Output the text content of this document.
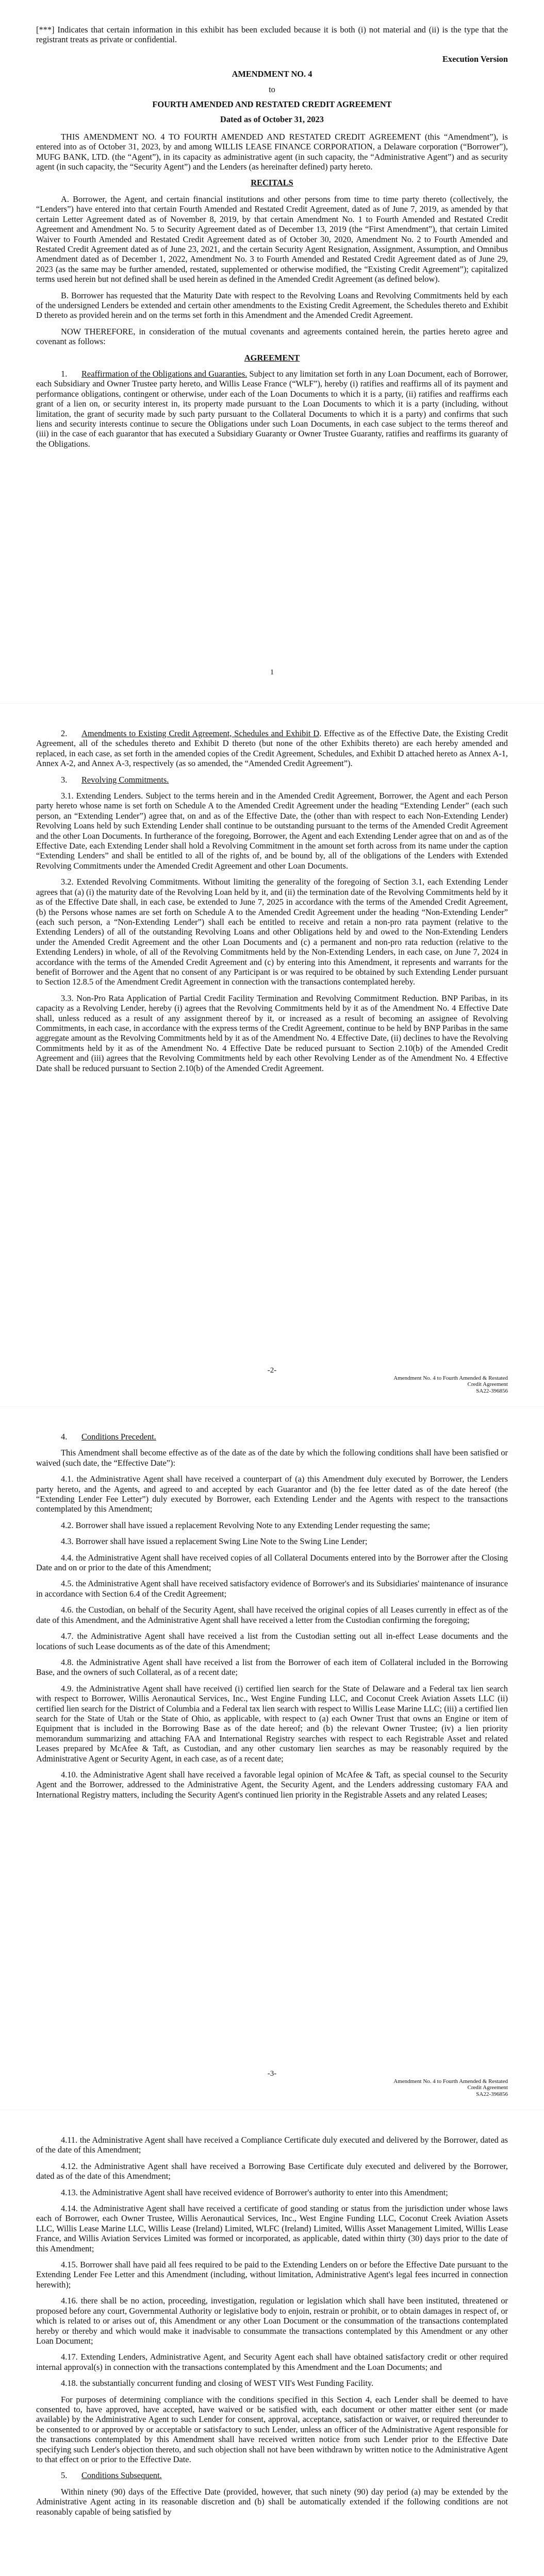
[***] Indicates that certain information in this exhibit has been excluded because it is both (i) not material and (ii) is the type that the registrant treats as private or confidential.

Execution Version

AMENDMENT NO. 4

to

FOURTH AMENDED AND RESTATED CREDIT AGREEMENT

Dated as of October 31, 2023

THIS AMENDMENT NO. 4 TO FOURTH AMENDED AND RESTATED CREDIT AGREEMENT (this “Amendment”), is entered into as of October 31, 2023, by and among WILLIS LEASE FINANCE CORPORATION, a Delaware corporation (“Borrower”), MUFG BANK, LTD. (the “Agent”), in its capacity as administrative agent (in such capacity, the “Administrative Agent”) and as security agent (in such capacity, the “Security Agent”) and the Lenders (as hereinafter defined) party hereto.

RECITALS

A. Borrower, the Agent, and certain financial institutions and other persons from time to time party thereto (collectively, the “Lenders”) have entered into that certain Fourth Amended and Restated Credit Agreement, dated as of June 7, 2019, as amended by that certain Letter Agreement dated as of November 8, 2019, by that certain Amendment No. 1 to Fourth Amended and Restated Credit Agreement and Amendment No. 5 to Security Agreement dated as of December 13, 2019 (the “First Amendment”), that certain Limited Waiver to Fourth Amended and Restated Credit Agreement dated as of October 30, 2020, Amendment No. 2 to Fourth Amended and Restated Credit Agreement dated as of June 23, 2021, and the certain Security Agent Resignation, Assignment, Assumption, and Omnibus Amendment dated as of December 1, 2022, Amendment No. 3 to Fourth Amended and Restated Credit Agreement dated as of June 29, 2023 (as the same may be further amended, restated, supplemented or otherwise modified, the “Existing Credit Agreement”); capitalized terms used herein but not defined shall be used herein as defined in the Amended Credit Agreement (as defined below).

B. Borrower has requested that the Maturity Date with respect to the Revolving Loans and Revolving Commitments held by each of the undersigned Lenders be extended and certain other amendments to the Existing Credit Agreement, the Schedules thereto and Exhibit D thereto as provided herein and on the terms set forth in this Amendment and the Amended Credit Agreement.

NOW THEREFORE, in consideration of the mutual covenants and agreements contained herein, the parties hereto agree and covenant as follows:

AGREEMENT

1. Reaffirmation of the Obligations and Guaranties. Subject to any limitation set forth in any Loan Document, each of Borrower, each Subsidiary and Owner Trustee party hereto, and Willis Lease France (“WLF”), hereby (i) ratifies and reaffirms all of its payment and performance obligations, contingent or otherwise, under each of the Loan Documents to which it is a party, (ii) ratifies and reaffirms each grant of a lien on, or security interest in, its property made pursuant to the Loan Documents to which it is a party (including, without limitation, the grant of security made by such party pursuant to the Collateral Documents to which it is a party) and confirms that such liens and security interests continue to secure the Obligations under such Loan Documents, in each case subject to the terms thereof and (iii) in the case of each guarantor that has executed a Subsidiary Guaranty or Owner Trustee Guaranty, ratifies and reaffirms its guaranty of the Obligations.

1

2. Amendments to Existing Credit Agreement, Schedules and Exhibit D. Effective as of the Effective Date, the Existing Credit Agreement, all of the schedules thereto and Exhibit D thereto (but none of the other Exhibits thereto) are each hereby amended and replaced, in each case, as set forth in the amended copies of the Credit Agreement, Schedules, and Exhibit D attached hereto as Annex A-1, Annex A-2, and Annex A-3, respectively (as so amended, the “Amended Credit Agreement”).

3. Revolving Commitments.

3.1. Extending Lenders. Subject to the terms herein and in the Amended Credit Agreement, Borrower, the Agent and each Person party hereto whose name is set forth on Schedule A to the Amended Credit Agreement under the heading “Extending Lender” (each such person, an “Extending Lender”) agree that, on and as of the Effective Date, the (other than with respect to each Non-Extending Lender) Revolving Loans held by such Extending Lender shall continue to be outstanding pursuant to the terms of the Amended Credit Agreement and the other Loan Documents. In furtherance of the foregoing, Borrower, the Agent and each Extending Lender agree that on and as of the Effective Date, each Extending Lender shall hold a Revolving Commitment in the amount set forth across from its name under the caption “Extending Lenders” and shall be entitled to all of the rights of, and be bound by, all of the obligations of the Lenders with Extended Revolving Commitments under the Amended Credit Agreement and other Loan Documents.

3.2. Extended Revolving Commitments. Without limiting the generality of the foregoing of Section 3.1, each Extending Lender agrees that (a) (i) the maturity date of the Revolving Loan held by it, and (ii) the termination date of the Revolving Commitments held by it as of the Effective Date shall, in each case, be extended to June 7, 2025 in accordance with the terms of the Amended Credit Agreement, (b) the Persons whose names are set forth on Schedule A to the Amended Credit Agreement under the heading “Non-Extending Lender” (each such person, a “Non-Extending Lender”) shall each be entitled to receive and retain a non-pro rata payment (relative to the Extending Lenders) of all of the outstanding Revolving Loans and other Obligations held by and owed to the Non-Extending Lenders under the Amended Credit Agreement and the other Loan Documents and (c) a permanent and non-pro rata reduction (relative to the Extending Lenders) in whole, of all of the Revolving Commitments held by the Non-Extending Lenders, in each case, on June 7, 2024 in accordance with the terms of the Amended Credit Agreement and (c) by entering into this Amendment, it represents and warrants for the benefit of Borrower and the Agent that no consent of any Participant is or was required to be obtained by such Extending Lender pursuant to Section 12.8.5 of the Amendment Credit Agreement in connection with the transactions contemplated hereby.

3.3. Non-Pro Rata Application of Partial Credit Facility Termination and Revolving Commitment Reduction. BNP Paribas, in its capacity as a Revolving Lender, hereby (i) agrees that the Revolving Commitments held by it as of the Amendment No. 4 Effective Date shall, unless reduced as a result of any assignment thereof by it, or increased as a result of becoming an assignee of Revolving Commitments, in each case, in accordance with the express terms of the Credit Agreement, continue to be held by BNP Paribas in the same aggregate amount as the Revolving Commitments held by it as of the Amendment No. 4 Effective Date, (ii) declines to have the Revolving Commitments held by it as of the Amendment No. 4 Effective Date be reduced pursuant to Section 2.10(b) of the Amended Credit Agreement and (iii) agrees that the Revolving Commitments held by each other Revolving Lender as of the Amendment No. 4 Effective Date shall be reduced pursuant to Section 2.10(b) of the Amended Credit Agreement.

-2-
Amendment No. 4 to Fourth Amended & Restated
Credit Agreement
SA22-396856

4. Conditions Precedent.

This Amendment shall become effective as of the date as of the date by which the following conditions shall have been satisfied or waived (such date, the “Effective Date”):

4.1. the Administrative Agent shall have received a counterpart of (a) this Amendment duly executed by Borrower, the Lenders party hereto, and the Agents, and agreed to and accepted by each Guarantor and (b) the fee letter dated as of the date hereof (the “Extending Lender Fee Letter”) duly executed by Borrower, each Extending Lender and the Agents with respect to the transactions contemplated by this Amendment;

4.2. Borrower shall have issued a replacement Revolving Note to any Extending Lender requesting the same;

4.3. Borrower shall have issued a replacement Swing Line Note to the Swing Line Lender;

4.4. the Administrative Agent shall have received copies of all Collateral Documents entered into by the Borrower after the Closing Date and on or prior to the date of this Amendment;

4.5. the Administrative Agent shall have received satisfactory evidence of Borrower's and its Subsidiaries' maintenance of insurance in accordance with Section 6.4 of the Credit Agreement;

4.6. the Custodian, on behalf of the Security Agent, shall have received the original copies of all Leases currently in effect as of the date of this Amendment, and the Administrative Agent shall have received a letter from the Custodian confirming the foregoing;

4.7. the Administrative Agent shall have received a list from the Custodian setting out all in-effect Lease documents and the locations of such Lease documents as of the date of this Amendment;

4.8. the Administrative Agent shall have received a list from the Borrower of each item of Collateral included in the Borrowing Base, and the owners of such Collateral, as of a recent date;

4.9. the Administrative Agent shall have received (i) certified lien search for the State of Delaware and a Federal tax lien search with respect to Borrower, Willis Aeronautical Services, Inc., West Engine Funding LLC, and Coconut Creek Aviation Assets LLC (ii) certified lien search for the District of Columbia and a Federal tax lien search with respect to Willis Lease Marine LLC; (iii) a certified lien search for the State of Utah or the State of Ohio, as applicable, with respect to (a) each Owner Trust that owns an Engine or item of Equipment that is included in the Borrowing Base as of the date hereof; and (b) the relevant Owner Trustee; (iv) a lien priority memorandum summarizing and attaching FAA and International Registry searches with respect to each Registrable Asset and related Leases prepared by McAfee & Taft, as Custodian, and any other customary lien searches as may be reasonably required by the Administrative Agent or Security Agent, in each case, as of a recent date;

4.10. the Administrative Agent shall have received a favorable legal opinion of McAfee & Taft, as special counsel to the Security Agent and the Borrower, addressed to the Administrative Agent, the Security Agent, and the Lenders addressing customary FAA and International Registry matters, including the Security Agent's continued lien priority in the Registrable Assets and any related Leases;

-3-
Amendment No. 4 to Fourth Amended & Restated
Credit Agreement
SA22-396856

4.11. the Administrative Agent shall have received a Compliance Certificate duly executed and delivered by the Borrower, dated as of the date of this Amendment;

4.12. the Administrative Agent shall have received a Borrowing Base Certificate duly executed and delivered by the Borrower, dated as of the date of this Amendment;

4.13. the Administrative Agent shall have received evidence of Borrower's authority to enter into this Amendment;

4.14. the Administrative Agent shall have received a certificate of good standing or status from the jurisdiction under whose laws each of Borrower, each Owner Trustee, Willis Aeronautical Services, Inc., West Engine Funding LLC, Coconut Creek Aviation Assets LLC, Willis Lease Marine LLC, Willis Lease (Ireland) Limited, WLFC (Ireland) Limited, Willis Asset Management Limited, Willis Lease France, and Willis Aviation Services Limited was formed or incorporated, as applicable, dated within thirty (30) days prior to the date of this Amendment;

4.15. Borrower shall have paid all fees required to be paid to the Extending Lenders on or before the Effective Date pursuant to the Extending Lender Fee Letter and this Amendment (including, without limitation, Administrative Agent's legal fees incurred in connection herewith);

4.16. there shall be no action, proceeding, investigation, regulation or legislation which shall have been instituted, threatened or proposed before any court, Governmental Authority or legislative body to enjoin, restrain or prohibit, or to obtain damages in respect of, or which is related to or arises out of, this Amendment or any other Loan Document or the consummation of the transactions contemplated hereby or thereby and which would make it inadvisable to consummate the transactions contemplated by this Amendment or any other Loan Document;

4.17. Extending Lenders, Administrative Agent, and Security Agent each shall have obtained satisfactory credit or other required internal approval(s) in connection with the transactions contemplated by this Amendment and the Loan Documents; and

4.18. the substantially concurrent funding and closing of WEST VII's West Funding Facility.

For purposes of determining compliance with the conditions specified in this Section 4, each Lender shall be deemed to have consented to, have approved, have accepted, have waived or be satisfied with, each document or other matter either sent (or made available) by the Administrative Agent to such Lender for consent, approval, acceptance, satisfaction or waiver, or required thereunder to be consented to or approved by or acceptable or satisfactory to such Lender, unless an officer of the Administrative Agent responsible for the transactions contemplated by this Amendment shall have received written notice from such Lender prior to the Effective Date specifying such Lender's objection thereto, and such objection shall not have been withdrawn by written notice to the Administrative Agent to that effect on or prior to the Effective Date.

5. Conditions Subsequent.

Within ninety (90) days of the Effective Date (provided, however, that such ninety (90) day period (a) may be extended by the Administrative Agent acting in its reasonable discretion and (b) shall be automatically extended if the following conditions are not reasonably capable of being satisfied by
